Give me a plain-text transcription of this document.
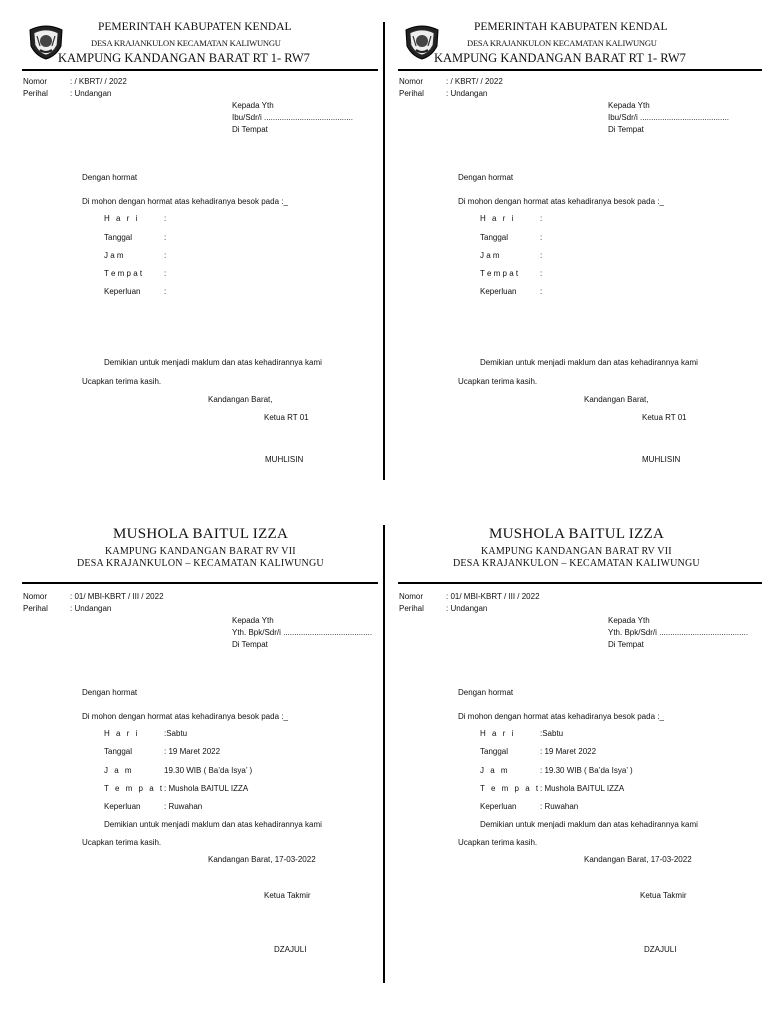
PEMERINTAH KABUPATEN KENDAL
DESA KRAJANKULON KECAMATAN KALIWUNGU
KAMPUNG KANDANGAN BARAT RT 1- RW7
Nomor	: / KBRT/ / 2022
Perihal	: Undangan
Kepada Yth
Ibu/Sdr/i ........................................
Di Tempat
Dengan hormat
Di mohon dengan hormat atas kehadiranya besok pada :_
H a r i	:
Tanggal	:
J a m	:
T e m p a t	:
Keperluan	:
Demikian untuk menjadi maklum dan atas kehadirannya kami
Ucapkan terima kasih.
Kandangan Barat,
Ketua RT 01
MUHLISIN
PEMERINTAH KABUPATEN KENDAL
DESA KRAJANKULON KECAMATAN KALIWUNGU
KAMPUNG KANDANGAN BARAT RT 1- RW7
Nomor	: / KBRT/ / 2022
Perihal	: Undangan
Kepada Yth
Ibu/Sdr/i ........................................
Di Tempat
Dengan hormat
Di mohon dengan hormat atas kehadiranya besok pada :_
H a r i	:
Tanggal	:
J a m	:
T e m p a t	:
Keperluan	:
Demikian untuk menjadi maklum dan atas kehadirannya kami
Ucapkan terima kasih.
Kandangan Barat,
Ketua RT 01
MUHLISIN
MUSHOLA BAITUL IZZA
KAMPUNG KANDANGAN BARAT RV VII
DESA KRAJANKULON – KECAMATAN KALIWUNGU
Nomor	: 01/ MBI-KBRT / III / 2022
Perihal	: Undangan
Kepada Yth
Yth. Bpk/Sdr/i ........................................
Di Tempat
Dengan hormat
Di mohon dengan hormat atas kehadiranya besok pada :_
H a r i	:Sabtu
Tanggal	: 19 Maret 2022
J a m	19.30 WIB ( Ba’da Isya’ )
T e m p a t : Mushola BAITUL IZZA
Keperluan	: Ruwahan
Demikian untuk menjadi maklum dan atas kehadirannya kami
Ucapkan terima kasih.
Kandangan Barat, 17-03-2022
Ketua Takmir
DZAJULI
MUSHOLA BAITUL IZZA
KAMPUNG KANDANGAN BARAT RV VII
DESA KRAJANKULON – KECAMATAN KALIWUNGU
Nomor	: 01/ MBI-KBRT / III / 2022
Perihal	: Undangan
Kepada Yth
Yth. Bpk/Sdr/i ........................................
Di Tempat
Dengan hormat
Di mohon dengan hormat atas kehadiranya besok pada :_
H a r i	:Sabtu
Tanggal	: 19 Maret 2022
J a m	: 19.30 WIB ( Ba’da Isya’ )
T e m p a t : Mushola BAITUL IZZA
Keperluan	: Ruwahan
Demikian untuk menjadi maklum dan atas kehadirannya kami
Ucapkan terima kasih.
Kandangan Barat, 17-03-2022
Ketua Takmir
DZAJULI
